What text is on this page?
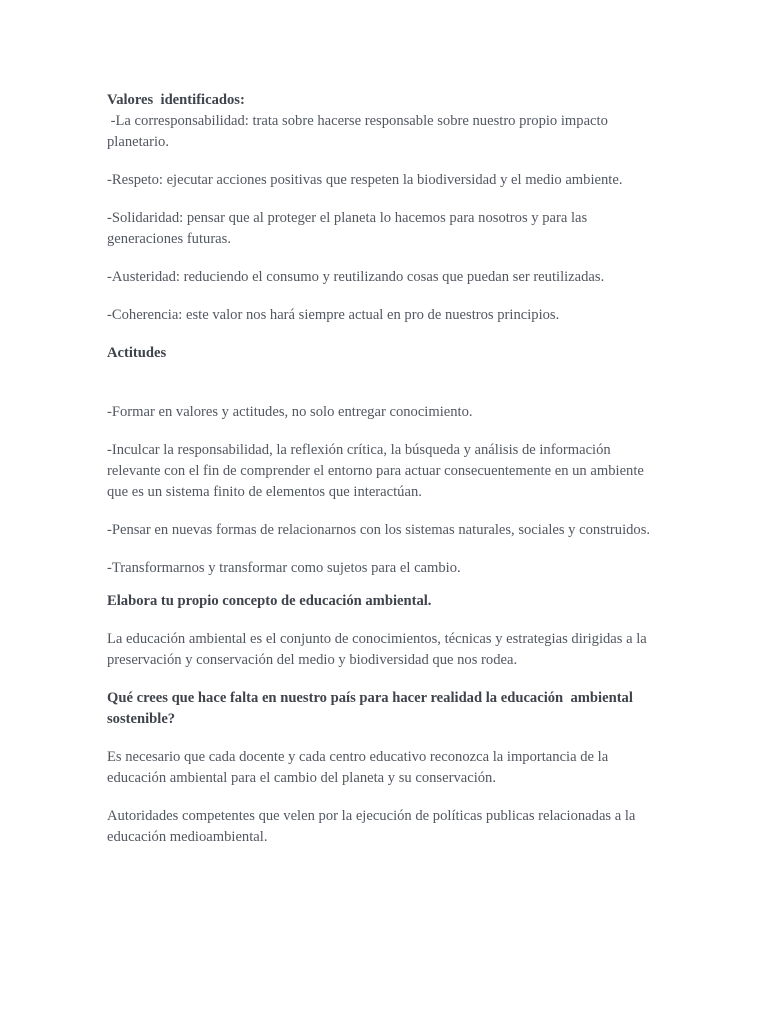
Valores  identificados:

-La corresponsabilidad: trata sobre hacerse responsable sobre nuestro propio impacto planetario.

-Respeto: ejecutar acciones positivas que respeten la biodiversidad y el medio ambiente.

-Solidaridad: pensar que al proteger el planeta lo hacemos para nosotros y para las generaciones futuras.

-Austeridad: reduciendo el consumo y reutilizando cosas que puedan ser reutilizadas.

-Coherencia: este valor nos hará siempre actual en pro de nuestros principios.

Actitudes

-Formar en valores y actitudes, no solo entregar conocimiento.

-Inculcar la responsabilidad, la reflexión crítica, la búsqueda y análisis de información relevante con el fin de comprender el entorno para actuar consecuentemente en un ambiente que es un sistema finito de elementos que interactúan.

-Pensar en nuevas formas de relacionarnos con los sistemas naturales, sociales y construidos.

-Transformarnos y transformar como sujetos para el cambio.

Elabora tu propio concepto de educación ambiental.

La educación ambiental es el conjunto de conocimientos, técnicas y estrategias dirigidas a la preservación y conservación del medio y biodiversidad que nos rodea.

Qué crees que hace falta en nuestro país para hacer realidad la educación  ambiental sostenible?

Es necesario que cada docente y cada centro educativo reconozca la importancia de la educación ambiental para el cambio del planeta y su conservación.

Autoridades competentes que velen por la ejecución de políticas publicas relacionadas a la educación medioambiental.
